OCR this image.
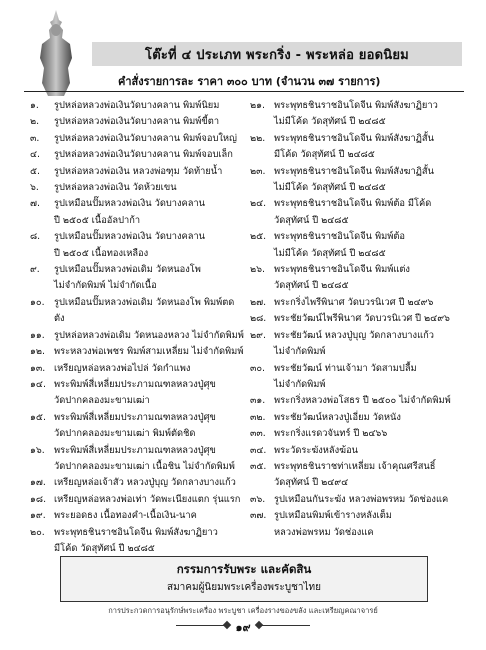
โต๊ะที่ ๔ ประเภท พระกริ่ง - พระหล่อ ยอดนิยม
คำสั่งรายการละ ราคา ๓๐๐ บาท (จำนวน ๓๗ รายการ)
๑.	รูปหล่อหลวงพ่อเงินวัดบางคลาน พิมพ์นิยม
๒.	รูปหล่อหลวงพ่อเงินวัดบางคลาน พิมพ์ขี้ตา
๓.	รูปหล่อหลวงพ่อเงินวัดบางคลาน พิมพ์จอบใหญ่
๔.	รูปหล่อหลวงพ่อเงินวัดบางคลาน พิมพ์จอบเล็ก
๕.	รูปหล่อหลวงพ่อเงิน หลวงพ่อฑุม วัดท้ายน้ำ
๖.	รูปหล่อหลวงพ่อเงิน วัดห้วยเขน
๗.	รูปเหมือนปั๊มหลวงพ่อเงิน วัดบางคลาน
ปี ๒๕๐๕ เนื้ออัลปาก้า
๘.	รูปเหมือนปั๊มหลวงพ่อเงิน วัดบางคลาน
ปี ๒๕๐๕ เนื้อทองเหลือง
๙.	รูปเหมือนปั๊มหลวงพ่อเดิม วัดหนองโพ
ไม่จำกัดพิมพ์ ไม่จำกัดเนื้อ
๑๐.	รูปเหมือนปั๊มหลวงพ่อเดิม วัดหนองโพ พิมพ์ตดตัง
๑๑. รูปหล่อหลวงพ่อเดิม วัดหนองหลวง ไม่จำกัดพิมพ์
๑๒. พระหลวงพ่อเพชร พิมพ์สามเหลี่ยม ไม่จำกัดพิมพ์
๑๓. เหรียญหล่อหลวงพ่อไปล่ วัดกำแพง
๑๔. พระพิมพ์สี่เหลี่ยมประภามณฑลหลวงปู่ศุข
วัดปากคลองมะขามเฒ่า
๑๕. พระพิมพ์สี่เหลี่ยมประภามณฑลหลวงปู่ศุข
วัดปากคลองมะขามเฒ่า พิมพ์ตัดชิด
๑๖. พระพิมพ์สี่เหลี่ยมประภามณฑลหลวงปู่ศุข
วัดปากคลองมะขามเฒ่า เนื้อชิน ไม่จำกัดพิมพ์
๑๗. เหรียญหล่อเจ้าสัว หลวงปู่บุญ วัดกลางบางแก้ว
๑๘. เหรียญหล่อหลวงพ่อเท่า วัดพะเนียงแตก รุ่นแรก
๑๙. พระยอดธง เนื้อทองคำ-เนื้อเงิน-นาค
๒๐. พระพุทธชินราชอินโดจีน พิมพ์สังฆาฏิยาว
มีโค้ด วัดสุทัศน์ ปี ๒๔๘๕
๒๑. พระพุทธชินราชอินโดจีน พิมพ์สังฆาฏิยาว
ไม่มีโค้ด วัดสุทัศน์ ปี ๒๔๘๕
๒๒. พระพุทธชินราชอินโดจีน พิมพ์สังฆาฏิสั้น
มีโค้ด วัดสุทัศน์ ปี ๒๔๘๕
๒๓. พระพุทธชินราชอินโดจีน พิมพ์สังฆาฏิสั้น
ไม่มีโค้ด วัดสุทัศน์ ปี ๒๔๘๕
๒๔. พระพุทธชินราชอินโดจีน พิมพ์ต้อ มีโค้ด
วัดสุทัศน์ ปี ๒๔๘๕
๒๕. พระพุทธชินราชอินโดจีน พิมพ์ต้อ
ไม่มีโค้ด วัดสุทัศน์ ปี ๒๔๘๕
๒๖. พระพุทธชินราชอินโดจีน พิมพ์แต่ง
วัดสุทัศน์ ปี ๒๔๘๕
๒๗. พระกริ่งไพรีพินาศ วัดบวรนิเวศ ปี ๒๔๙๖
๒๘. พระชัยวัฒน์ไพรีพินาศ วัดบวรนิเวศ ปี ๒๔๙๖
๒๙. พระชัยวัฒน์ หลวงปู่บุญ วัดกลางบางแก้ว
ไม่จำกัดพิมพ์
๓๐. พระชัยวัฒน์ ท่านเจ้ามา วัดสามปลื้ม
ไม่จำกัดพิมพ์
๓๑. พระกริ่งหลวงพ่อโสธร ปี ๒๕๐๐ ไม่จำกัดพิมพ์
๓๒. พระชัยวัฒน์หลวงปู่เอี่ยม วัดหนัง
๓๓. พระกริ่งแรดวจันทร์ ปี ๒๔๖๖
๓๔. พระวัดระฆังหลังฆ้อน
๓๕. พระพุทธชินราชท่าเหลี่ยม เจ้าคุณศรีสนธิ์
วัดสุทัศน์ ปี ๒๔๙๔
๓๖. รูปเหมือนกันระฆัง หลวงพ่อพรหม วัดช่องแค
๓๗. รูปเหมือนพิมพ์เข้ารางหลังเต็ม
หลวงพ่อพรหม วัดช่องแค
กรรมการรับพระ และคัดสิน
สมาคมผู้นิยมพระเครื่องพระบูชาไทย
การประกวดการอนุรักษ์พระเครื่อง พระบูชา เครื่องรางของขลัง และเหรียญคณาจารย์
๑๙
